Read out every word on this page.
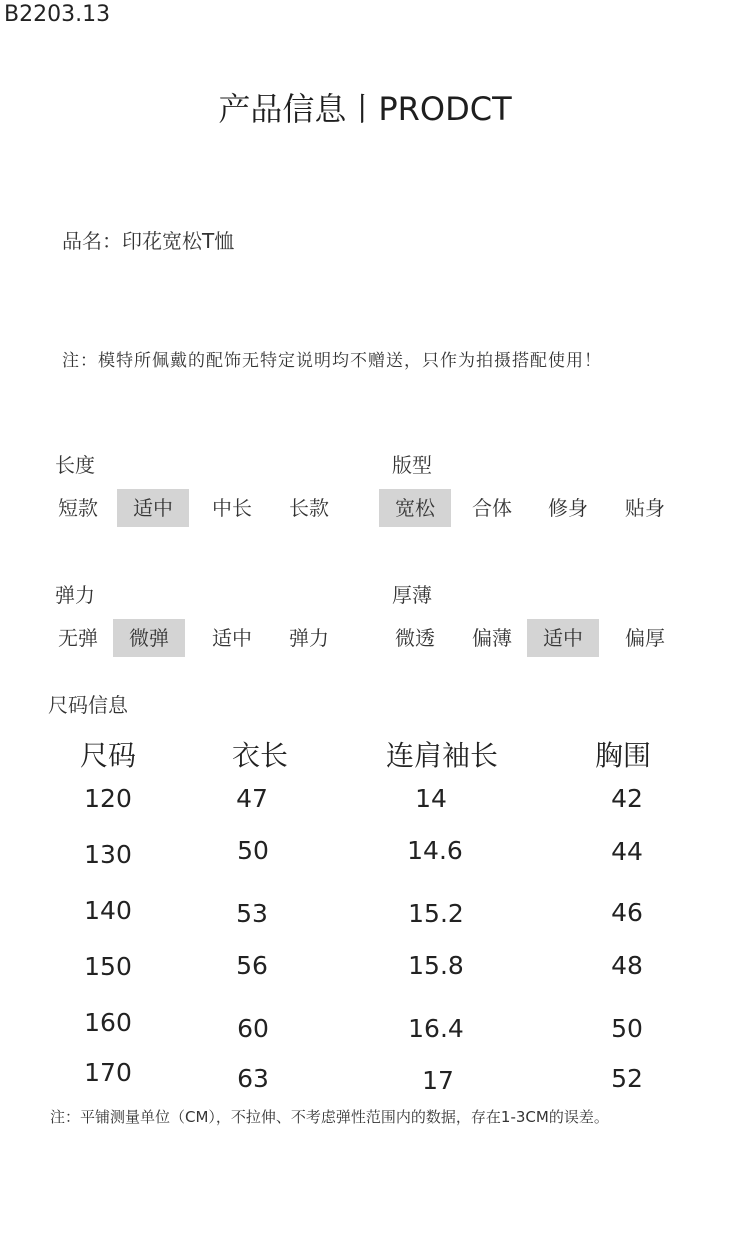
B2203.13
产品信息丨PRODCT
品名：印花宽松T恤
注：模特所佩戴的配饰无特定说明均不赠送，只作为拍摄搭配使用！
长度
短款	适中	中长	长款
版型
宽松	合体	修身	贴身
弹力
无弹	微弹	适中	弹力
厚薄
微透	偏薄	适中	偏厚
尺码信息
尺码	衣长	连肩袖长	胸围
120	47	14	42
130	50	14.6	44
140	53	15.2	46
150	56	15.8	48
160	60	16.4	50
170	63	17	52
注：平铺测量单位（CM），不拉伸、不考虑弹性范围内的数据，存在1-3CM的误差。
